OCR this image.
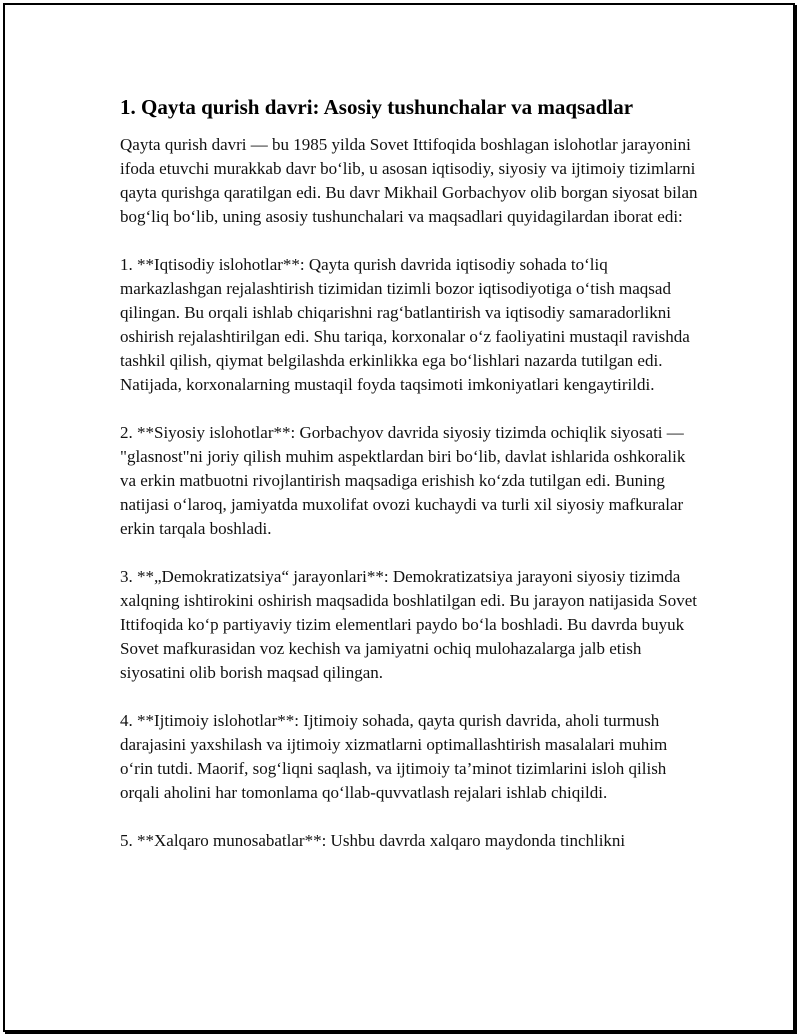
1. Qayta qurish davri: Asosiy tushunchalar va maqsadlar

Qayta qurish davri — bu 1985 yilda Sovet Ittifoqida boshlagan islohotlar jarayonini ifoda etuvchi murakkab davr bo‘lib, u asosan iqtisodiy, siyosiy va ijtimoiy tizimlarni qayta qurishga qaratilgan edi. Bu davr Mikhail Gorbachyov olib borgan siyosat bilan bog‘liq bo‘lib, uning asosiy tushunchalari va maqsadlari quyidagilardan iborat edi:

1. **Iqtisodiy islohotlar**: Qayta qurish davrida iqtisodiy sohada to‘liq markazlashgan rejalashtirish tizimidan tizimli bozor iqtisodiyotiga o‘tish maqsad qilingan. Bu orqali ishlab chiqarishni rag‘batlantirish va iqtisodiy samaradorlikni oshirish rejalashtirilgan edi. Shu tariqa, korxonalar o‘z faoliyatini mustaqil ravishda tashkil qilish, qiymat belgilashda erkinlikka ega bo‘lishlari nazarda tutilgan edi. Natijada, korxonalarning mustaqil foyda taqsimoti imkoniyatlari kengaytirildi.

2. **Siyosiy islohotlar**: Gorbachyov davrida siyosiy tizimda ochiqlik siyosati — "glasnost"ni joriy qilish muhim aspektlardan biri bo‘lib, davlat ishlarida oshkoralik va erkin matbuotni rivojlantirish maqsadiga erishish ko‘zda tutilgan edi. Buning natijasi o‘laroq, jamiyatda muxolifat ovozi kuchaydi va turli xil siyosiy mafkuralar erkin tarqala boshladi.

3. **„Demokratizatsiya“ jarayonlari**: Demokratizatsiya jarayoni siyosiy tizimda xalqning ishtirokini oshirish maqsadida boshlatilgan edi. Bu jarayon natijasida Sovet Ittifoqida ko‘p partiyaviy tizim elementlari paydo bo‘la boshladi. Bu davrda buyuk Sovet mafkurasidan voz kechish va jamiyatni ochiq mulohazalarga jalb etish siyosatini olib borish maqsad qilingan.

4. **Ijtimoiy islohotlar**: Ijtimoiy sohada, qayta qurish davrida, aholi turmush darajasini yaxshilash va ijtimoiy xizmatlarni optimallashtirish masalalari muhim o‘rin tutdi. Maorif, sog‘liqni saqlash, va ijtimoiy ta’minot tizimlarini isloh qilish orqali aholini har tomonlama qo‘llab-quvvatlash rejalari ishlab chiqildi.

5. **Xalqaro munosabatlar**: Ushbu davrda xalqaro maydonda tinchlikni
